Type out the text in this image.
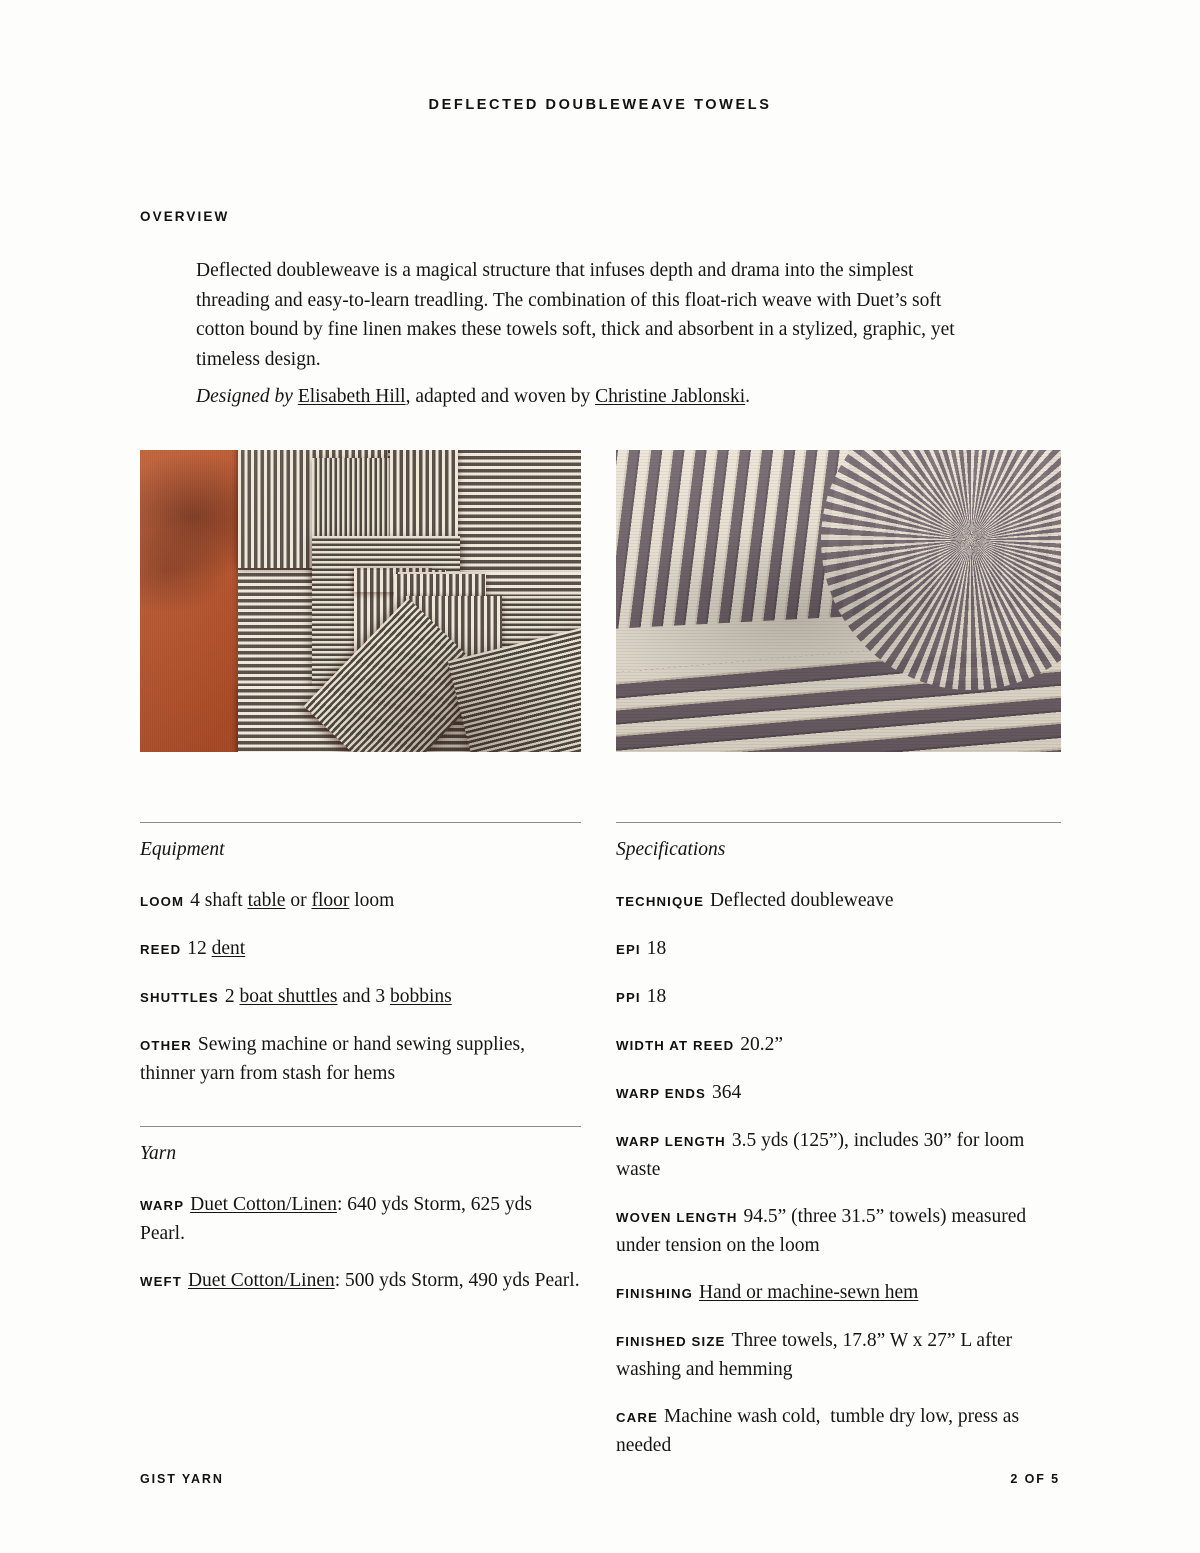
DEFLECTED DOUBLEWEAVE TOWELS
OVERVIEW

Deflected doubleweave is a magical structure that infuses depth and drama into the simplest threading and easy-to-learn treadling. The combination of this float-rich weave with Duet’s soft cotton bound by fine linen makes these towels soft, thick and absorbent in a stylized, graphic, yet timeless design.

Designed by Elisabeth Hill, adapted and woven by Christine Jablonski.
Equipment
LOOM 4 shaft table or floor loom
REED 12 dent
SHUTTLES 2 boat shuttles and 3 bobbins
OTHER Sewing machine or hand sewing supplies, thinner yarn from stash for hems
Yarn
WARP Duet Cotton/Linen: 640 yds Storm, 625 yds Pearl.
WEFT Duet Cotton/Linen: 500 yds Storm, 490 yds Pearl.
Specifications
TECHNIQUE Deflected doubleweave
EPI 18
PPI 18
WIDTH AT REED 20.2”
WARP ENDS 364
WARP LENGTH 3.5 yds (125”), includes 30” for loom waste
WOVEN LENGTH 94.5” (three 31.5” towels) measured under tension on the loom
FINISHING Hand or machine-sewn hem
FINISHED SIZE Three towels, 17.8” W x 27” L after washing and hemming
CARE Machine wash cold,  tumble dry low, press as needed
GIST YARN	2 OF 5
